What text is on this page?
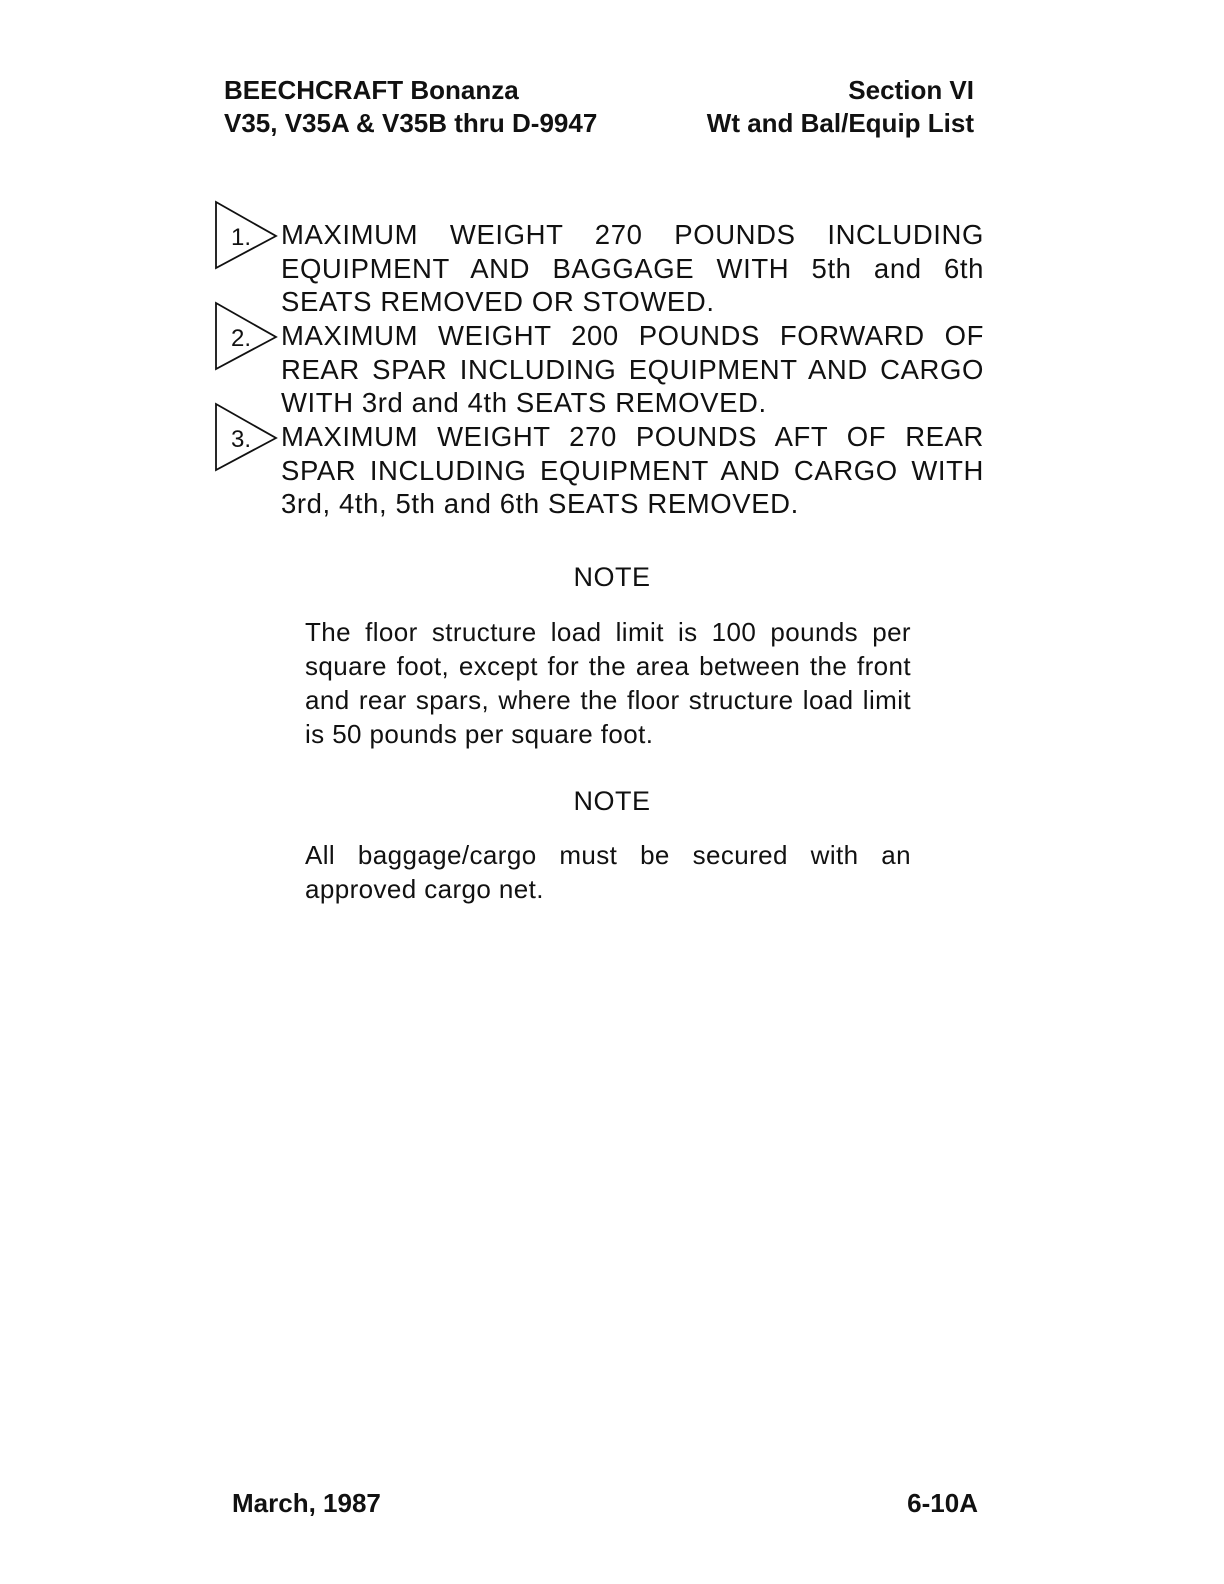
BEECHCRAFT Bonanza
V35, V35A & V35B thru D-9947
Section VI
Wt and Bal/Equip List
1. MAXIMUM WEIGHT 270 POUNDS INCLUDING EQUIPMENT AND BAGGAGE WITH 5th and 6th SEATS REMOVED OR STOWED.
2. MAXIMUM WEIGHT 200 POUNDS FORWARD OF REAR SPAR INCLUDING EQUIPMENT AND CARGO WITH 3rd and 4th SEATS REMOVED.
3. MAXIMUM WEIGHT 270 POUNDS AFT OF REAR SPAR INCLUDING EQUIPMENT AND CARGO WITH 3rd, 4th, 5th and 6th SEATS REMOVED.
NOTE
The floor structure load limit is 100 pounds per square foot, except for the area between the front and rear spars, where the floor structure load limit is 50 pounds per square foot.
NOTE
All baggage/cargo must be secured with an approved cargo net.
March, 1987	6-10A
